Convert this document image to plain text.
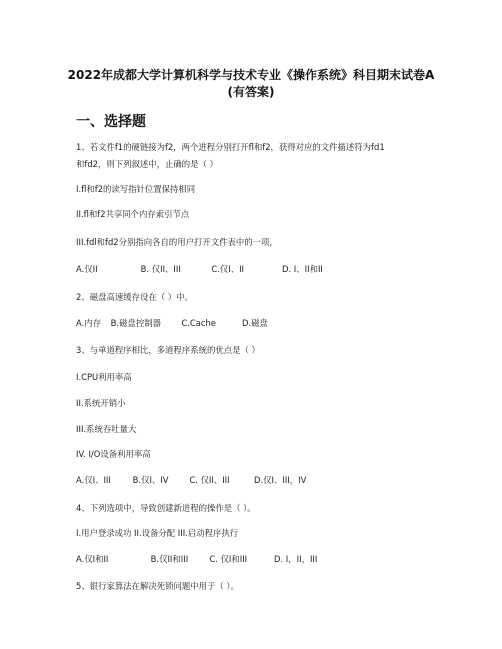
2022年成都大学计算机科学与技术专业《操作系统》科目期末试卷A
(有答案)
一、选择题
1、若文件f1的硬链接为f2，两个进程分别打开fl和f2，获得对应的文件描述符为fd1
和fd2，则下列叙述中，止确的是（ ）
I.fl和f2的读写指针位置保持相同
II.fl和f2共享同个内存索引节点
III.fdl和fd2分别指向各自的用户打开文件表中的一项，
A.仅II	B. 仅II、III	C.仅I、II	D. I、II和II
2、磁盘高速缓存设在（ ）中。
A.内存 B.磁盘控制器 C.Cache	D.磁盘
3、与单道程序相比，多道程序系统的优点是（ ）
I.CPU利用率高
II.系统开销小
III.系统吞吐量大
IV. I/O设备利用率高
A.仅I、III	B.仅I、IV C. 仅II、III	D.仅I、III，IV
4、下列选项中，导致创建新进程的操作是（ ）。
I.用户登录成功 II.设备分配 III.启动程序执行
A.仅I和II	B.仅II和III	C. 仅I和III	D. I，II，III
5、银行家算法在解决死锁问题中用于（ ）。
